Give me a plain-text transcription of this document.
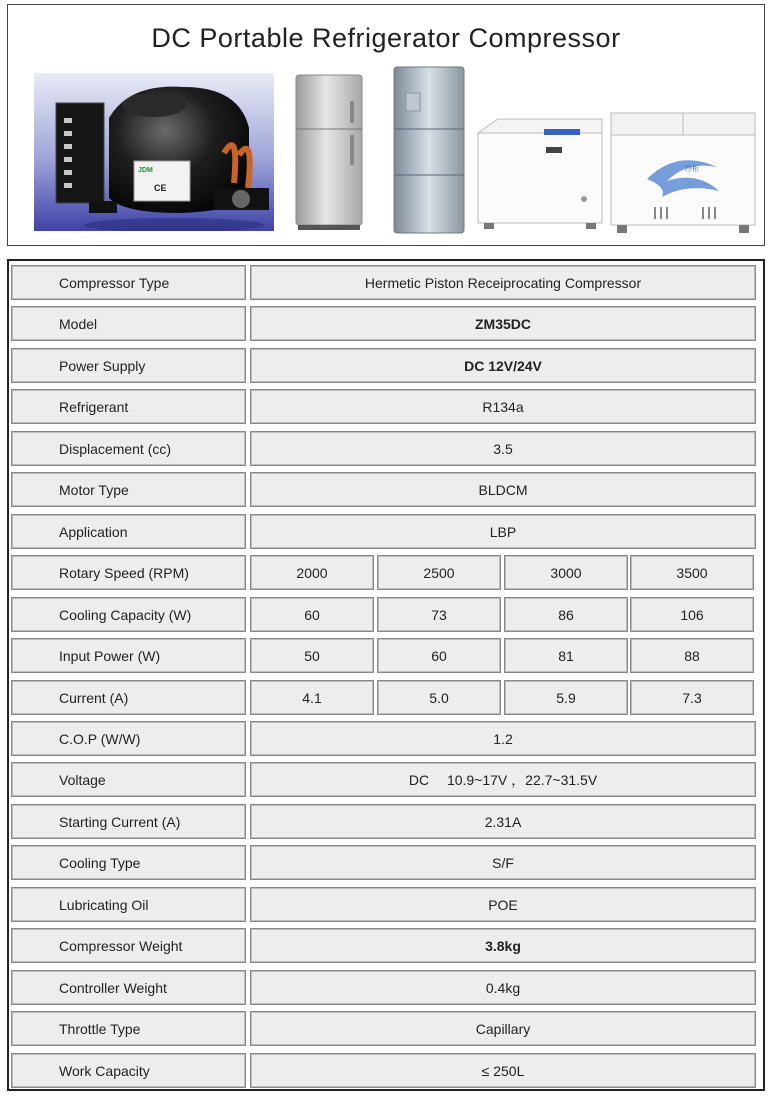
DC Portable Refrigerator Compressor
JDM
CE
冷柜
Compressor Type	Hermetic Piston Receiprocating Compressor
Model	ZM35DC
Power Supply	DC 12V/24V
Refrigerant	R134a
Displacement (cc)	3.5
Motor Type	BLDCM
Application	LBP
Rotary Speed (RPM)	2000	2500	3000	3500
Cooling Capacity (W)	60	73	86	106
Input Power (W)	50	60	81	88
Current (A)	4.1	5.0	5.9	7.3
C.O.P (W/W)	1.2
Voltage	DC　 10.9~17V ，22.7~31.5V
Starting Current (A)	2.31A
Cooling Type	S/F
Lubricating Oil	POE
Compressor Weight	3.8kg
Controller Weight	0.4kg
Throttle Type	Capillary
Work Capacity	≤ 250L
